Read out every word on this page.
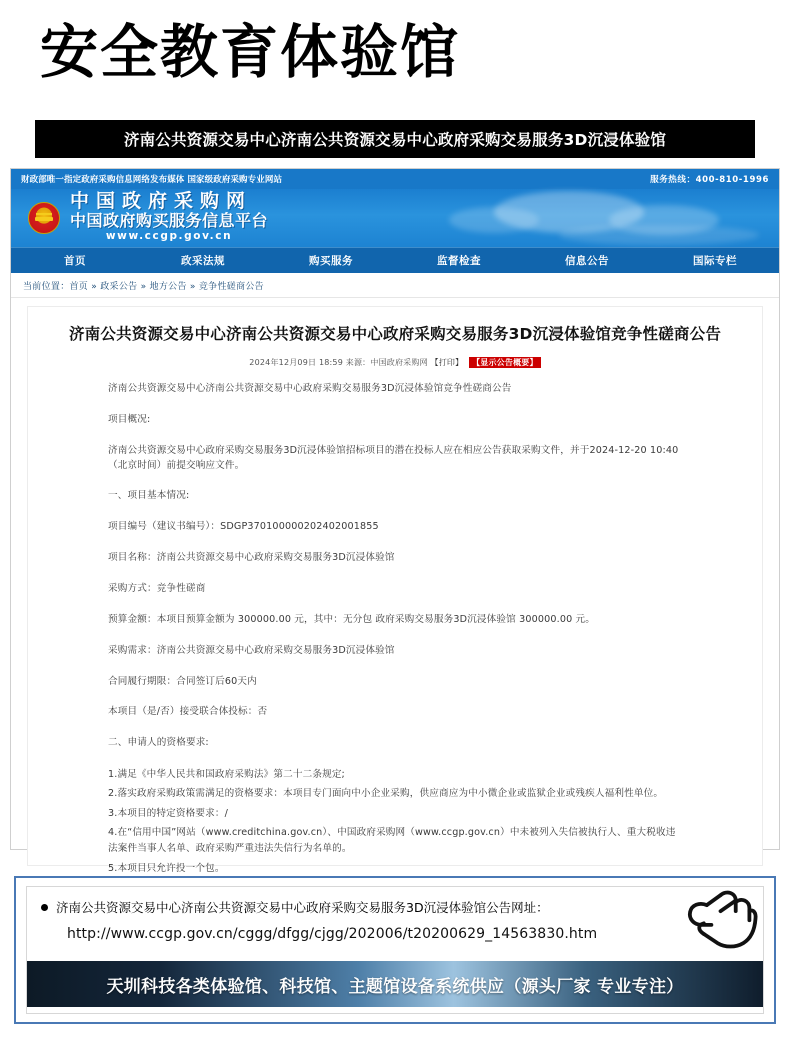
安全教育体验馆
济南公共资源交易中心济南公共资源交易中心政府采购交易服务3D沉浸体验馆
财政部唯一指定政府采购信息网络发布媒体 国家级政府采购专业网站	服务热线：400-810-1996
中国政府采购网
中国政府购买服务信息平台
www.ccgp.gov.cn
首页	政采法规	购买服务	监督检查	信息公告	国际专栏
当前位置：首页 » 政采公告 » 地方公告 » 竞争性磋商公告
济南公共资源交易中心济南公共资源交易中心政府采购交易服务3D沉浸体验馆竞争性磋商公告
2024年12月09日 18:59 来源：中国政府采购网 【打印】 【显示公告概要】

济南公共资源交易中心济南公共资源交易中心政府采购交易服务3D沉浸体验馆竞争性磋商公告

项目概况:

济南公共资源交易中心政府采购交易服务3D沉浸体验馆招标项目的潜在投标人应在相应公告获取采购文件，并于2024-12-20 10:40 （北京时间）前提交响应文件。

一、项目基本情况:

项目编号（建议书编号）：SDGP370100000202402001855

项目名称：济南公共资源交易中心政府采购交易服务3D沉浸体验馆

采购方式：竞争性磋商

预算金额：本项目预算金额为 300000.00 元，其中：无分包 政府采购交易服务3D沉浸体验馆 300000.00 元。

采购需求：济南公共资源交易中心政府采购交易服务3D沉浸体验馆

合同履行期限：合同签订后60天内

本项目（是/否）接受联合体投标：否

二、申请人的资格要求:

1.满足《中华人民共和国政府采购法》第二十二条规定;

2.落实政府采购政策需满足的资格要求：本项目专门面向中小企业采购，供应商应为中小微企业或监狱企业或残疾人福利性单位。

3.本项目的特定资格要求：/

4.在“信用中国”网站（www.creditchina.gov.cn）、中国政府采购网（www.ccgp.gov.cn）中未被列入失信被执行人、重大税收违法案件当事人名单、政府采购严重违法失信行为名单的。

5.本项目只允许投一个包。

济南公共资源交易中心济南公共资源交易中心政府采购交易服务3D沉浸体验馆公告网址：
http://www.ccgp.gov.cn/cggg/dfgg/cjgg/202006/t20200629_14563830.htm
天圳科技各类体验馆、科技馆、主题馆设备系统供应（源头厂家 专业专注）
